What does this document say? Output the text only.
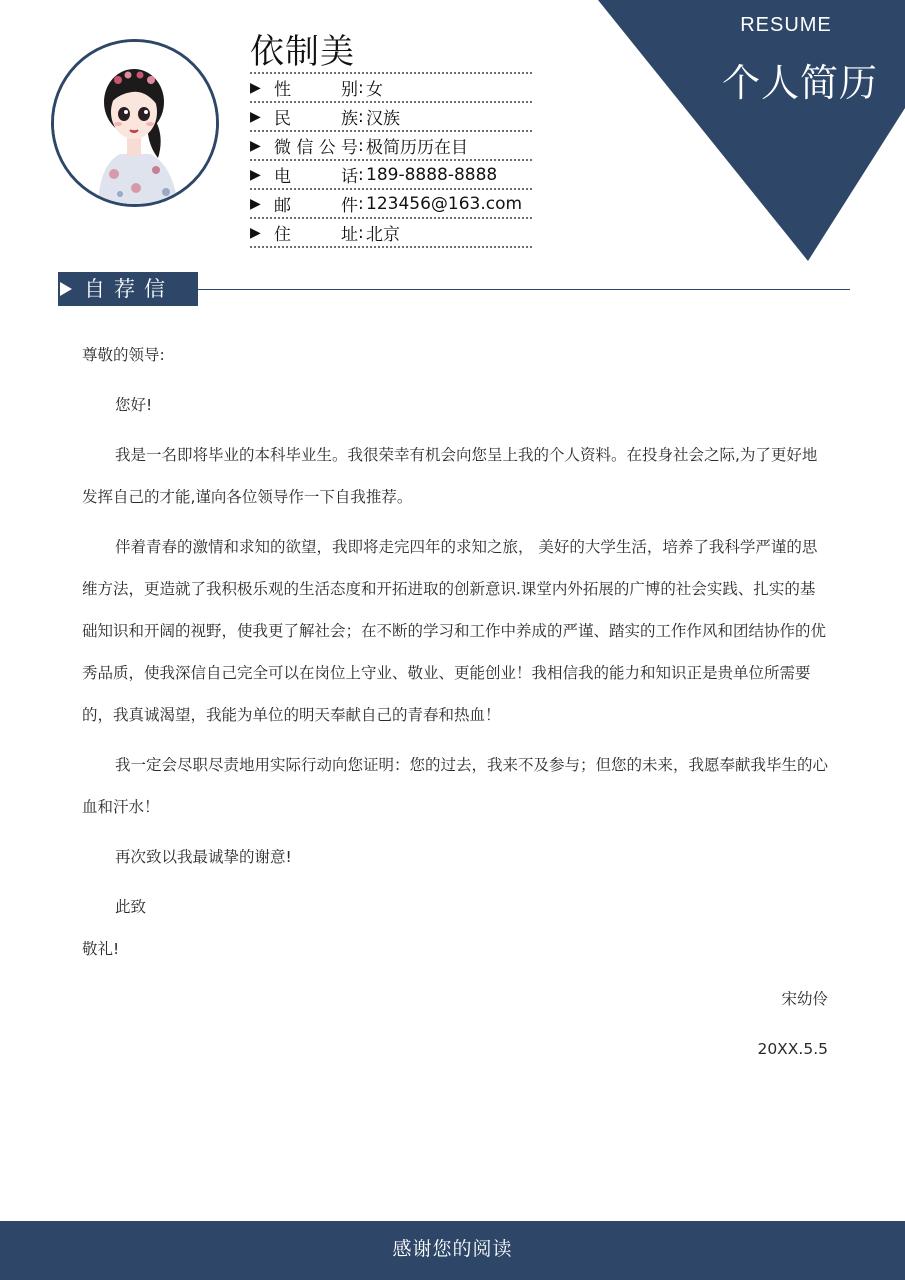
RESUME
个人简历
依制美
▶ 性别 : 女
▶ 民族 : 汉族
▶ 微信公号 : 极简历历在目
▶ 电话 : 189-8888-8888
▶ 邮件 : 123456@163.com
▶ 住址 : 北京
自荐信

尊敬的领导:

您好!

我是一名即将毕业的本科毕业生。我很荣幸有机会向您呈上我的个人资料。在投身社会之际,为了更好地发挥自己的才能,谨向各位领导作一下自我推荐。

伴着青春的激情和求知的欲望，我即将走完四年的求知之旅， 美好的大学生活，培养了我科学严谨的思维方法，更造就了我积极乐观的生活态度和开拓进取的创新意识.课堂内外拓展的广博的社会实践、扎实的基础知识和开阔的视野，使我更了解社会；在不断的学习和工作中养成的严谨、踏实的工作作风和团结协作的优秀品质，使我深信自己完全可以在岗位上守业、敬业、更能创业！我相信我的能力和知识正是贵单位所需要的，我真诚渴望，我能为单位的明天奉献自己的青春和热血！

我一定会尽职尽责地用实际行动向您证明：您的过去，我来不及参与；但您的未来，我愿奉献我毕生的心血和汗水！

再次致以我最诚挚的谢意!

此致

敬礼!

宋幼伶

20XX.5.5

感谢您的阅读
